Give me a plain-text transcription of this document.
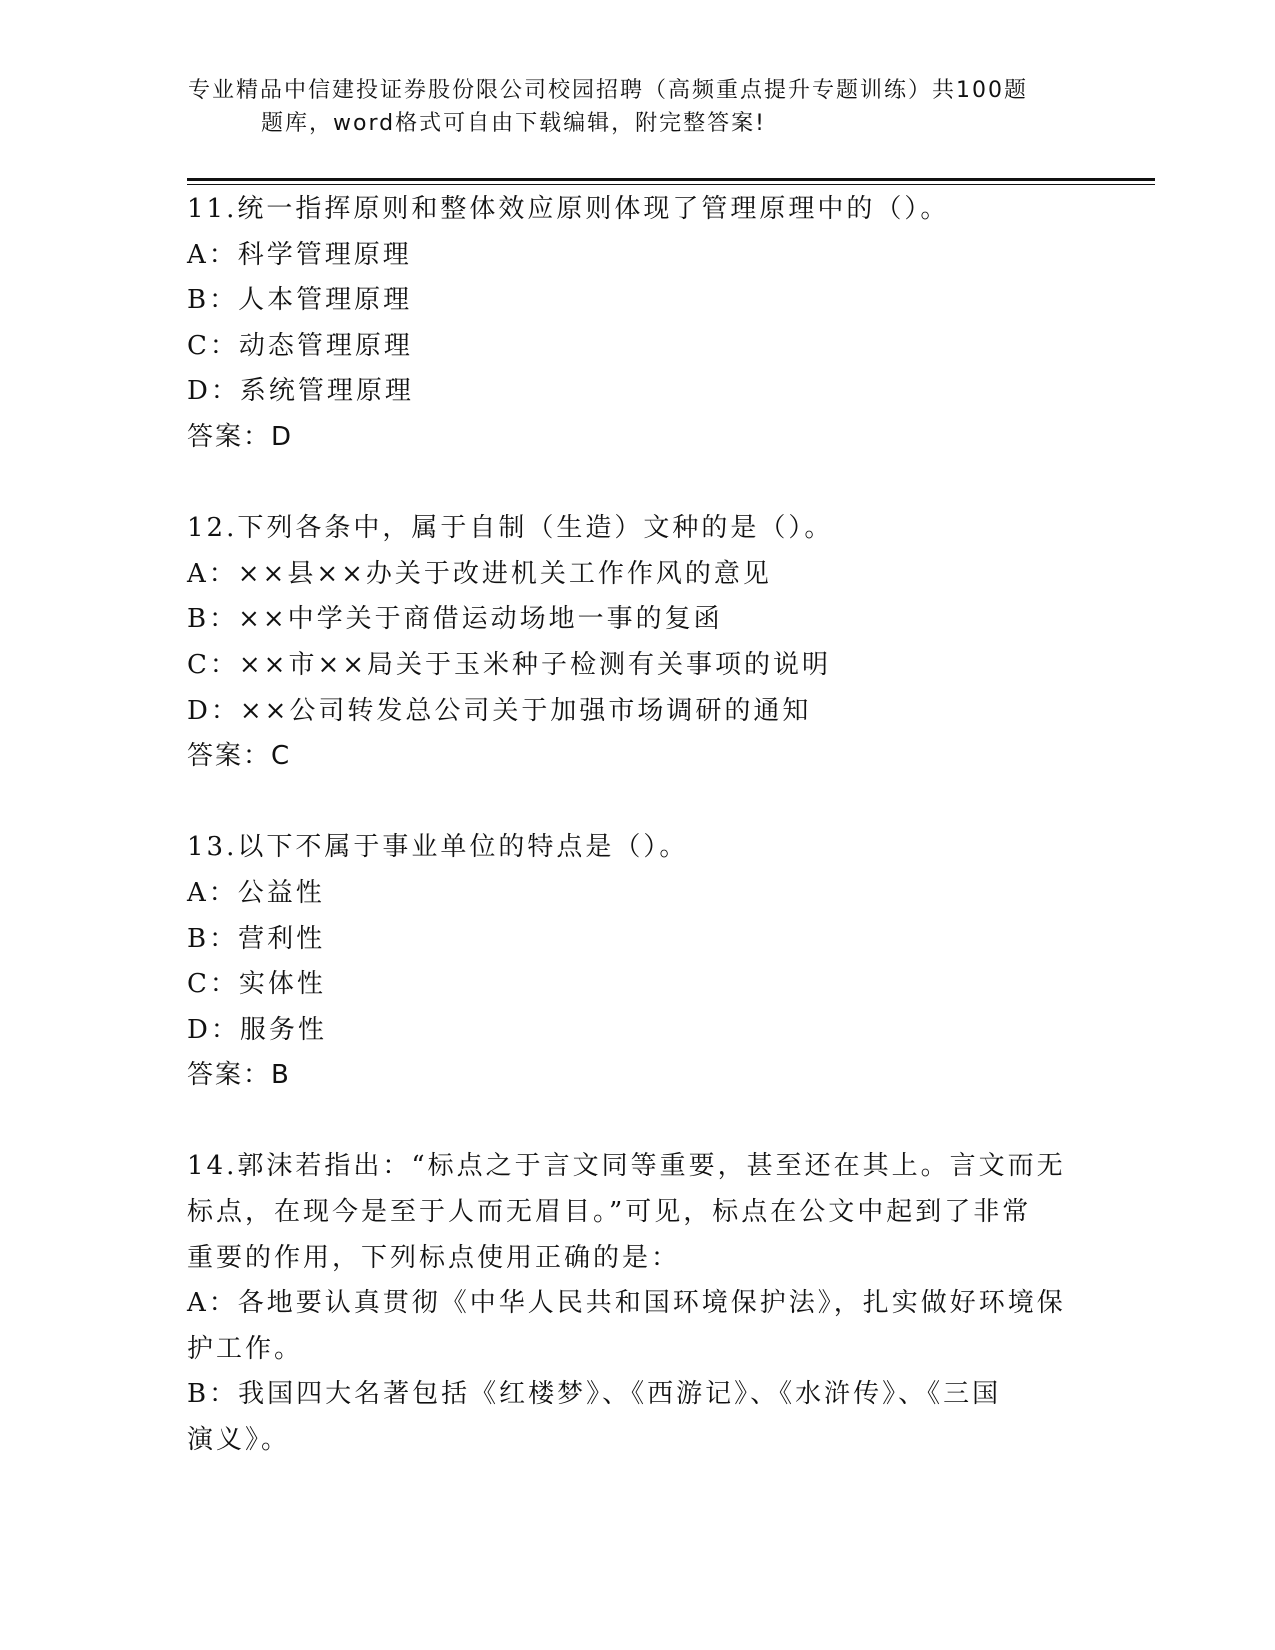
专业精品中信建投证券股份限公司校园招聘（高频重点提升专题训练）共100题
题库，word格式可自由下载编辑，附完整答案!
11.统一指挥原则和整体效应原则体现了管理原理中的（）。
A：科学管理原理
B：人本管理原理
C：动态管理原理
D：系统管理原理
答案：D
12.下列各条中，属于自制（生造）文种的是（）。
A：××县××办关于改进机关工作作风的意见
B：××中学关于商借运动场地一事的复函
C：××市××局关于玉米种子检测有关事项的说明
D：××公司转发总公司关于加强市场调研的通知
答案：C
13.以下不属于事业单位的特点是（）。
A：公益性
B：营利性
C：实体性
D：服务性
答案：B
14.郭沫若指出：“标点之于言文同等重要，甚至还在其上。言文而无
标点，在现今是至于人而无眉目。”可见，标点在公文中起到了非常
重要的作用，下列标点使用正确的是：
A：各地要认真贯彻《中华人民共和国环境保护法》，扎实做好环境保
护工作。
B：我国四大名著包括《红楼梦》、《西游记》、《水浒传》、《三国
演义》。
